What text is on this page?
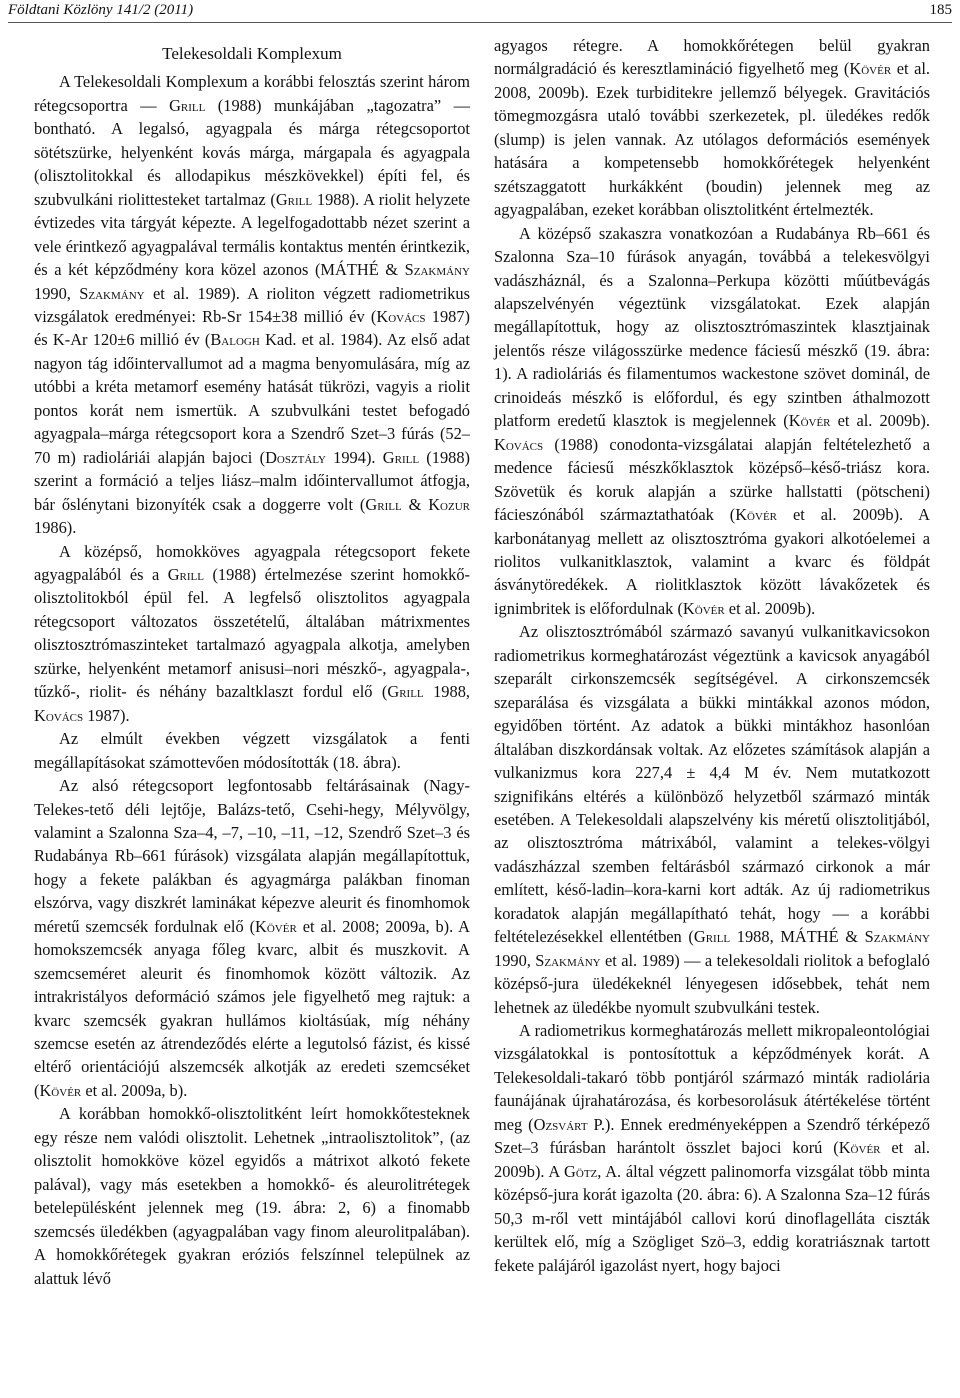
Földtani Közlöny 141/2 (2011)	185
Telekesoldali Komplexum

A Telekesoldali Komplexum a korábbi felosztás szerint három rétegcsoportra — Grill (1988) munkájában „tagozatra” — bontható. A legalsó, agyagpala és márga rétegcsoportot sötétszürke, helyenként kovás márga, márgapala és agyagpala (olisztolitokkal és allodapikus mészkövekkel) építi fel, és szubvulkáni riolittesteket tartalmaz (Grill 1988). A riolit helyzete évtizedes vita tárgyát képezte. A legelfogadottabb nézet szerint a vele érintkező agyagpalával termális kontaktus mentén érintkezik, és a két képződmény kora közel azonos (MÁTHÉ & Szakmány 1990, Szakmány et al. 1989). A rioliton végzett radiometrikus vizsgálatok eredményei: Rb-Sr 154±38 millió év (Kovács 1987) és K-Ar 120±6 millió év (Balogh Kad. et al. 1984). Az első adat nagyon tág időintervallumot ad a magma benyomulására, míg az utóbbi a kréta metamorf esemény hatását tükrözi, vagyis a riolit pontos korát nem ismertük. A szubvulkáni testet befogadó agyagpala–márga rétegcsoport kora a Szendrő Szet–3 fúrás (52–70 m) radioláriái alapján bajoci (Dosztály 1994). Grill (1988) szerint a formáció a teljes liász–malm időintervallumot átfogja, bár őslénytani bizonyíték csak a doggerre volt (Grill & Kozur 1986).

A középső, homokköves agyagpala rétegcsoport fekete agyagpalából és a Grill (1988) értelmezése szerint homokkő-olisztolitokból épül fel. A legfelső olisztolitos agyagpala rétegcsoport változatos összetételű, általában mátrixmentes olisztosztrómaszinteket tartalmazó agyagpala alkotja, amelyben szürke, helyenként metamorf anisusi–nori mészkő-, agyagpala-, tűzkő-, riolit- és néhány bazaltklaszt fordul elő (Grill 1988, Kovács 1987).

Az elmúlt években végzett vizsgálatok a fenti megállapításokat számottevően módosították (18. ábra).

Az alsó rétegcsoport legfontosabb feltárásainak (Nagy-Telekes-tető déli lejtője, Balázs-tető, Csehi-hegy, Mélyvölgy, valamint a Szalonna Sza–4, –7, –10, –11, –12, Szendrő Szet–3 és Rudabánya Rb–661 fúrások) vizsgálata alapján megállapítottuk, hogy a fekete palákban és agyagmárga palákban finoman elszórva, vagy diszkrét laminákat képezve aleurit és finomhomok méretű szemcsék fordulnak elő (Kövér et al. 2008; 2009a, b). A homokszemcsék anyaga főleg kvarc, albit és muszkovit. A szemcseméret aleurit és finomhomok között változik. Az intrakristályos deformáció számos jele figyelhető meg rajtuk: a kvarc szemcsék gyakran hullámos kioltásúak, míg néhány szemcse esetén az átrendeződés elérte a legutolsó fázist, és kissé eltérő orientációjú alszemcsék alkotják az eredeti szemcséket (Kövér et al. 2009a, b).

A korábban homokkő-olisztolitként leírt homokkőtesteknek egy része nem valódi olisztolit. Lehetnek „intraolisztolitok”, (az olisztolit homokköve közel egyidős a mátrixot alkotó fekete palával), vagy más esetekben a homokkő- és aleurolitrétegek betelepülésként jelennek meg (19. ábra: 2, 6) a finomabb szemcsés üledékben (agyagpalában vagy finom aleurolitpalában). A homokkőrétegek gyakran eróziós felszínnel települnek az alattuk lévő

agyagos rétegre. A homokkőrétegen belül gyakran normálgradáció és keresztlamináció figyelhető meg (Kövér et al. 2008, 2009b). Ezek turbiditekre jellemző bélyegek. Gravitációs tömegmozgásra utaló további szerkezetek, pl. üledékes redők (slump) is jelen vannak. Az utólagos deformációs események hatására a kompetensebb homokkőrétegek helyenként szétszaggatott hurkákként (boudin) jelennek meg az agyagpalában, ezeket korábban olisztolitként értelmezték.

A középső szakaszra vonatkozóan a Rudabánya Rb–661 és Szalonna Sza–10 fúrások anyagán, továbbá a telekesvölgyi vadászháznál, és a Szalonna–Perkupa közötti műútbevágás alapszelvényén végeztünk vizsgálatokat. Ezek alapján megállapítottuk, hogy az olisztosztrómaszintek klasztjainak jelentős része világosszürke medence fáciesű mészkő (19. ábra: 1). A radioláriás és filamentumos wackestone szövet dominál, de crinoideás mészkő is előfordul, és egy szintben áthalmozott platform eredetű klasztok is megjelennek (Kövér et al. 2009b). Kovács (1988) conodonta-vizsgálatai alapján feltételezhető a medence fáciesű mészkőklasztok középső–késő-triász kora. Szövetük és koruk alapján a szürke hallstatti (pötscheni) fácieszónából származtathatóak (Kövér et al. 2009b). A karbonátanyag mellett az olisztosztróma gyakori alkotóelemei a riolitos vulkanitklasztok, valamint a kvarc és földpát ásványtöredékek. A riolitklasztok között lávakőzetek és ignimbritek is előfordulnak (Kövér et al. 2009b).

Az olisztosztrómából származó savanyú vulkanitkavicsokon radiometrikus kormeghatározást végeztünk a kavicsok anyagából szeparált cirkonszemcsék segítségével. A cirkonszemcsék szeparálása és vizsgálata a bükki mintákkal azonos módon, egyidőben történt. Az adatok a bükki mintákhoz hasonlóan általában diszkordánsak voltak. Az előzetes számítások alapján a vulkanizmus kora 227,4 ± 4,4 M év. Nem mutatkozott szignifikáns eltérés a különböző helyzetből származó minták esetében. A Telekesoldali alapszelvény kis méretű olisztolitjából, az olisztosztróma mátrixából, valamint a telekes-völgyi vadászházzal szemben feltárásból származó cirkonok a már említett, késő-ladin–kora-karni kort adták. Az új radiometrikus koradatok alapján megállapítható tehát, hogy — a korábbi feltételezésekkel ellentétben (Grill 1988, MÁTHÉ & Szakmány 1990, Szakmány et al. 1989) — a telekesoldali riolitok a befoglaló középső-jura üledékeknél lényegesen idősebbek, tehát nem lehetnek az üledékbe nyomult szubvulkáni testek.

A radiometrikus kormeghatározás mellett mikropaleontológiai vizsgálatokkal is pontosítottuk a képződmények korát. A Telekesoldali-takaró több pontjáról származó minták radiolária faunájának újrahatározása, és korbesorolásuk átértékelése történt meg (Ozsvárt P.). Ennek eredményeképpen a Szendrő térképező Szet–3 fúrásban harántolt összlet bajoci korú (Kövér et al. 2009b). A Götz, A. által végzett palinomorfa vizsgálat több minta középső-jura korát igazolta (20. ábra: 6). A Szalonna Sza–12 fúrás 50,3 m-ről vett mintájából callovi korú dinoflagelláta ciszták kerültek elő, míg a Szögliget Szö–3, eddig koratriásznak tartott fekete palájáról igazolást nyert, hogy bajoci
